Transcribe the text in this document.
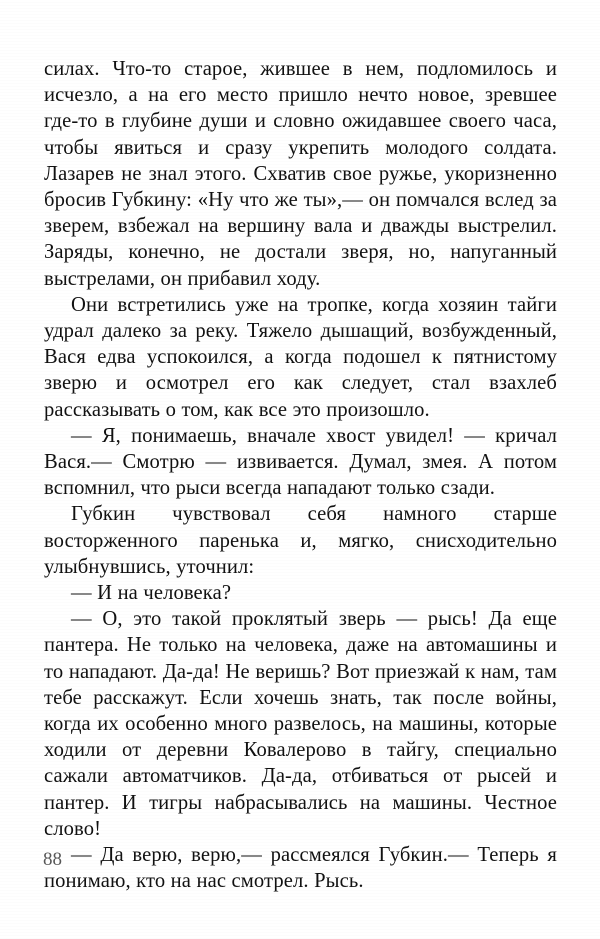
силах. Что-то старое, жившее в нем, подломилось и исчезло, а на его место пришло нечто новое, зревшее где-то в глубине души и словно ожидавшее своего часа, чтобы явиться и сразу укрепить молодого солдата. Лазарев не знал этого. Схватив свое ружье, укоризненно бросив Губкину: «Ну что же ты»,— он помчался вслед за зверем, взбежал на вершину вала и дважды выстрелил. Заряды, конечно, не достали зверя, но, напуганный выстрелами, он прибавил ходу.

Они встретились уже на тропке, когда хозяин тайги удрал далеко за реку. Тяжело дышащий, возбужденный, Вася едва успокоился, а когда подошел к пятнистому зверю и осмотрел его как следует, стал взахлеб рассказывать о том, как все это произошло.

— Я, понимаешь, вначале хвост увидел! — кричал Вася.— Смотрю — извивается. Думал, змея. А потом вспомнил, что рыси всегда нападают только сзади.

Губкин чувствовал себя намного старше восторженного паренька и, мягко, снисходительно улыбнувшись, уточнил:

— И на человека?

— О, это такой проклятый зверь — рысь! Да еще пантера. Не только на человека, даже на автомашины и то нападают. Да-да! Не веришь? Вот приезжай к нам, там тебе расскажут. Если хочешь знать, так после войны, когда их особенно много развелось, на машины, которые ходили от деревни Ковалерово в тайгу, специально сажали автоматчиков. Да-да, отбиваться от рысей и пантер. И тигры набрасывались на машины. Честное слово!

— Да верю, верю,— рассмеялся Губкин.— Теперь я понимаю, кто на нас смотрел. Рысь.

88
